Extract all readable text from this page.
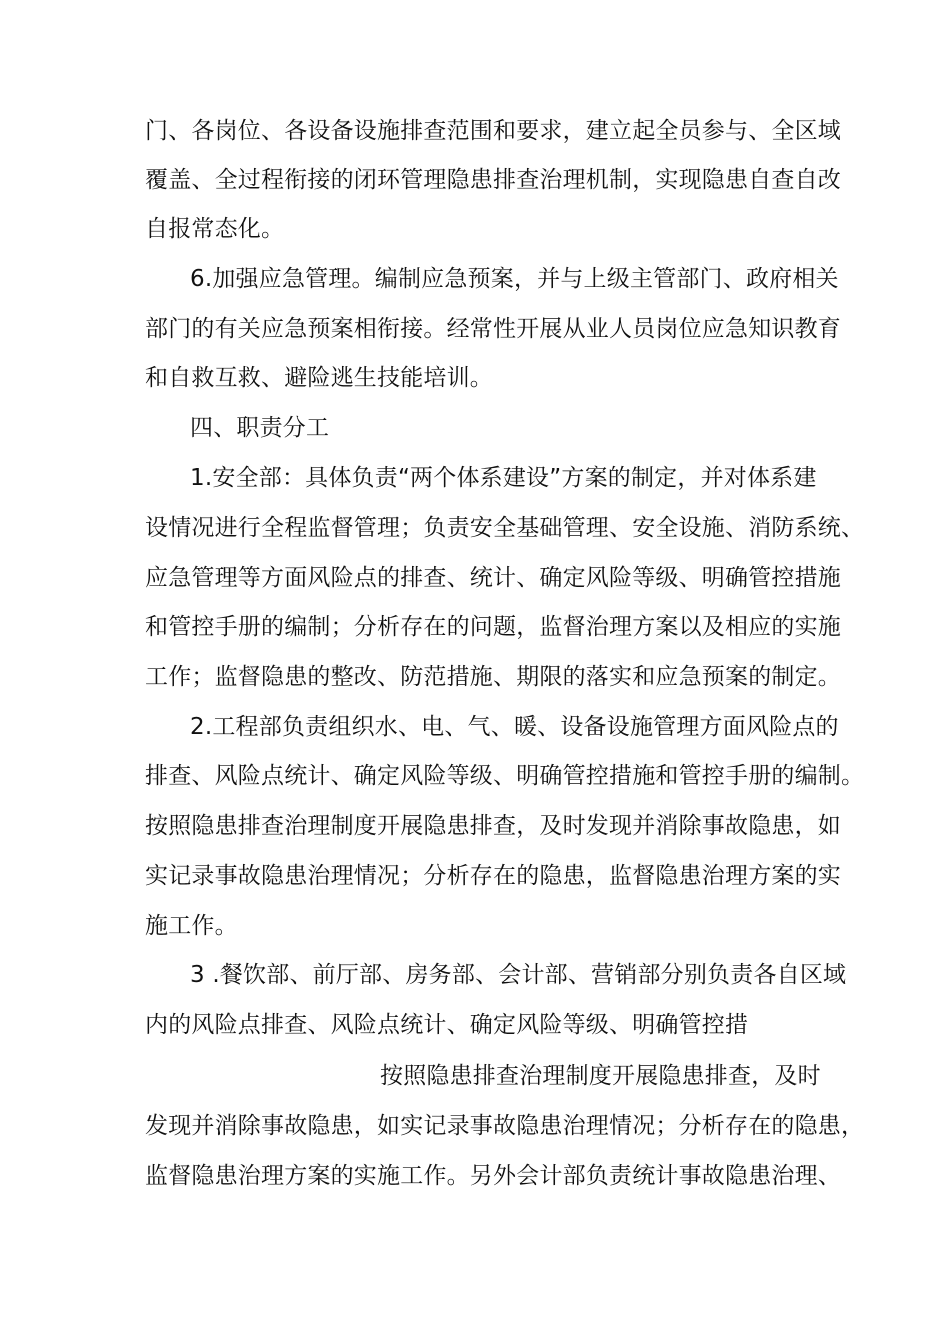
门、各岗位、各设备设施排查范围和要求，建立起全员参与、全区域
覆盖、全过程衔接的闭环管理隐患排查治理机制，实现隐患自查自改
自报常态化。
6.加强应急管理。编制应急预案，并与上级主管部门、政府相关
部门的有关应急预案相衔接。经常性开展从业人员岗位应急知识教育
和自救互救、避险逃生技能培训。
四、职责分工
1.安全部：具体负责“两个体系建设”方案的制定，并对体系建
设情况进行全程监督管理；负责安全基础管理、安全设施、消防系统、
应急管理等方面风险点的排查、统计、确定风险等级、明确管控措施
和管控手册的编制；分析存在的问题，监督治理方案以及相应的实施
工作；监督隐患的整改、防范措施、期限的落实和应急预案的制定。
2.工程部负责组织水、电、气、暖、设备设施管理方面风险点的
排查、风险点统计、确定风险等级、明确管控措施和管控手册的编制。
按照隐患排查治理制度开展隐患排查，及时发现并消除事故隐患，如
实记录事故隐患治理情况；分析存在的隐患，监督隐患治理方案的实
施工作。
3 .餐饮部、前厅部、房务部、会计部、营销部分别负责各自区域
内的风险点排查、风险点统计、确定风险等级、明确管控措
按照隐患排查治理制度开展隐患排查，及时
发现并消除事故隐患，如实记录事故隐患治理情况；分析存在的隐患，
监督隐患治理方案的实施工作。另外会计部负责统计事故隐患治理、
